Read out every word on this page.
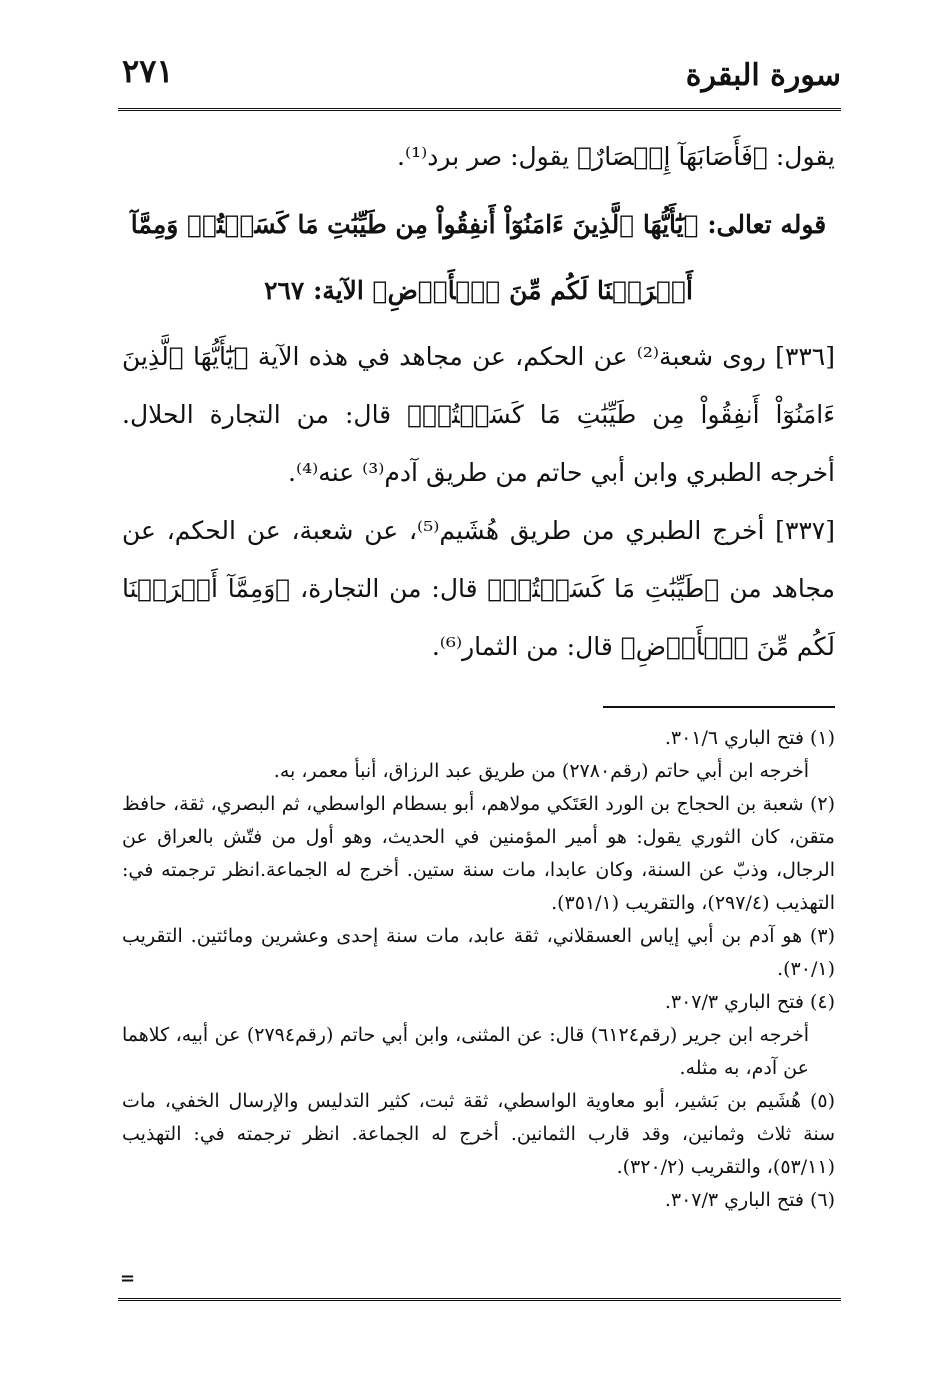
سورة البقرة
٢٧١

يقول: ﴿فَأَصَابَهَآ إِعۡصَارٌ﴾ يقول: صر برد⁽¹⁾.

قوله تعالى: ﴿يَٰٓأَيُّهَا ٱلَّذِينَ ءَامَنُوٓاْ أَنفِقُواْ مِن طَيِّبَٰتِ مَا كَسَبۡتُمۡ وَمِمَّآ

أَخۡرَجۡنَا لَكُم مِّنَ ٱلۡأَرۡضِ﴾ الآية: ٢٦٧

[٣٣٦] روى شعبة⁽²⁾ عن الحكم، عن مجاهد في هذه الآية ﴿يَٰٓأَيُّهَا ٱلَّذِينَ ءَامَنُوٓاْ أَنفِقُواْ مِن طَيِّبَٰتِ مَا كَسَبۡتُمۡ﴾ قال: من التجارة الحلال. أخرجه الطبري وابن أبي حاتم من طريق آدم⁽³⁾ عنه⁽⁴⁾.

[٣٣٧] أخرج الطبري من طريق هُشَيم⁽⁵⁾، عن شعبة، عن الحكم، عن مجاهد من ﴿طَيِّبَٰتِ مَا كَسَبۡتُمۡ﴾ قال: من التجارة، ﴿وَمِمَّآ أَخۡرَجۡنَا لَكُم مِّنَ ٱلۡأَرۡضِ﴾ قال: من الثمار⁽⁶⁾.

(١) فتح الباري ٣٠١/٦.

أخرجه ابن أبي حاتم (رقم٢٧٨٠) من طريق عبد الرزاق، أنبأ معمر، به.

(٢) شعبة بن الحجاج بن الورد العَتَكي مولاهم، أبو بسطام الواسطي، ثم البصري، ثقة، حافظ متقن، كان الثوري يقول: هو أمير المؤمنين في الحديث، وهو أول من فتّش بالعراق عن الرجال، وذبّ عن السنة، وكان عابدا، مات سنة ستين. أخرج له الجماعة.انظر ترجمته في: التهذيب (٢٩٧/٤)، والتقريب (٣٥١/١).

(٣) هو آدم بن أبي إياس العسقلاني، ثقة عابد، مات سنة إحدى وعشرين ومائتين. التقريب (٣٠/١).

(٤) فتح الباري ٣٠٧/٣.

أخرجه ابن جرير (رقم٦١٢٤) قال: عن المثنى، وابن أبي حاتم (رقم٢٧٩٤) عن أبيه، كلاهما عن آدم، به مثله.

(٥) هُشَيم بن بَشير، أبو معاوية الواسطي، ثقة ثبت، كثير التدليس والإرسال الخفي، مات سنة ثلاث وثمانين، وقد قارب الثمانين. أخرج له الجماعة. انظر ترجمته في: التهذيب (٥٣/١١)، والتقريب (٣٢٠/٢).

(٦) فتح الباري ٣٠٧/٣.

=
